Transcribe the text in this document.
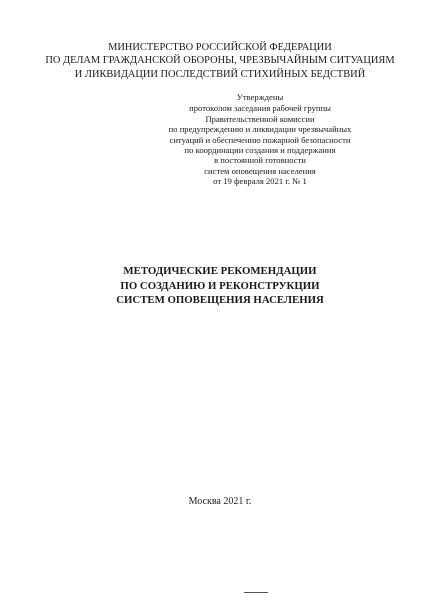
МИНИСТЕРСТВО РОССИЙСКОЙ ФЕДЕРАЦИИ
ПО ДЕЛАМ ГРАЖДАНСКОЙ ОБОРОНЫ, ЧРЕЗВЫЧАЙНЫМ СИТУАЦИЯМ
И ЛИКВИДАЦИИ ПОСЛЕДСТВИЙ СТИХИЙНЫХ БЕДСТВИЙ
Утверждены
протоколом заседания рабочей группы
Правительственной комиссии
по предупреждению и ликвидации чрезвычайных
ситуаций и обеспечению пожарной безопасности
по координации создания и поддержания
в постоянной готовности
систем оповещения населения
от 19 февраля 2021 г. № 1
МЕТОДИЧЕСКИЕ РЕКОМЕНДАЦИИ
ПО СОЗДАНИЮ И РЕКОНСТРУКЦИИ
СИСТЕМ ОПОВЕЩЕНИЯ НАСЕЛЕНИЯ
Москва 2021 г.
